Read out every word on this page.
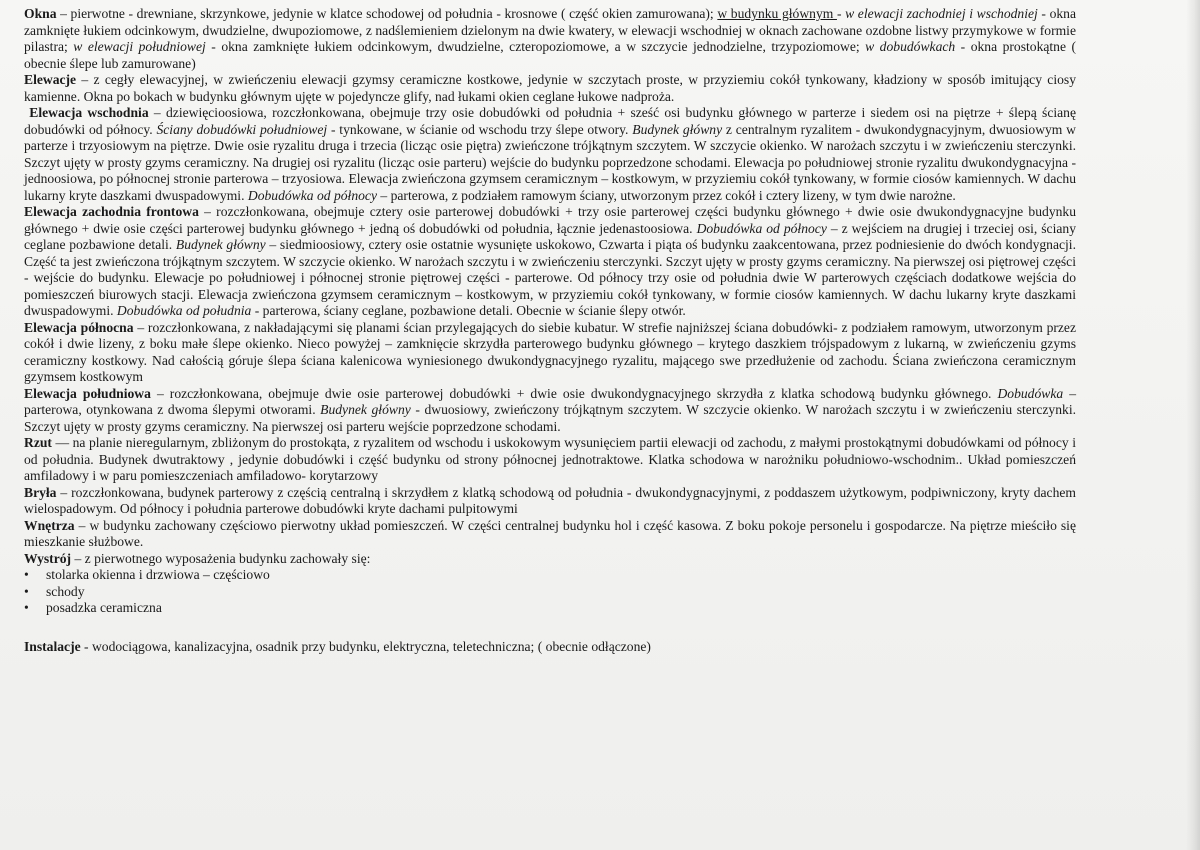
Okna – pierwotne - drewniane, skrzynkowe, jedynie w klatce schodowej od południa - krosnowe ( część okien zamurowana); w budynku głównym - w elewacji zachodniej i wschodniej - okna zamknięte łukiem odcinkowym, dwudzielne, dwupoziomowe, z nadślemieniem dzielonym na dwie kwatery, w elewacji wschodniej w oknach zachowane ozdobne listwy przymykowe w formie pilastra; w elewacji południowej - okna zamknięte łukiem odcinkowym, dwudzielne, czteropoziomowe, a w szczycie jednodzielne, trzypoziomowe; w dobudówkach - okna prostokątne ( obecnie ślepe lub zamurowane)

Elewacje – z cegły elewacyjnej, w zwieńczeniu elewacji gzymsy ceramiczne kostkowe, jedynie w szczytach proste, w przyziemiu cokół tynkowany, kładziony w sposób imitujący ciosy kamienne. Okna po bokach w budynku głównym ujęte w pojedyncze glify, nad łukami okien ceglane łukowe nadproża.

Elewacja wschodnia – dziewięcioosiowa, rozczłonkowana, obejmuje trzy osie dobudówki od południa + sześć osi budynku głównego w parterze i siedem osi na piętrze + ślepą ścianę dobudówki od północy. Ściany dobudówki południowej - tynkowane, w ścianie od wschodu trzy ślepe otwory. Budynek główny z centralnym ryzalitem - dwukondygnacyjnym, dwuosiowym w parterze i trzyosiowym na piętrze. Dwie osie ryzalitu druga i trzecia (licząc osie piętra) zwieńczone trójkątnym szczytem. W szczycie okienko. W narożach szczytu i w zwieńczeniu sterczynki. Szczyt ujęty w prosty gzyms ceramiczny. Na drugiej osi ryzalitu (licząc osie parteru) wejście do budynku poprzedzone schodami. Elewacja po południowej stronie ryzalitu dwukondygnacyjna - jednoosiowa, po północnej stronie parterowa – trzyosiowa. Elewacja zwieńczona gzymsem ceramicznym – kostkowym, w przyziemiu cokół tynkowany, w formie ciosów kamiennych. W dachu lukarny kryte daszkami dwuspadowymi. Dobudówka od północy – parterowa, z podziałem ramowym ściany, utworzonym przez cokół i cztery lizeny, w tym dwie narożne.

Elewacja zachodnia frontowa – rozczłonkowana, obejmuje cztery osie parterowej dobudówki + trzy osie parterowej części budynku głównego + dwie osie dwukondygnacyjne budynku głównego + dwie osie części parterowej budynku głównego + jedną oś dobudówki od południa, łącznie jedenastoosiowa. Dobudówka od północy – z wejściem na drugiej i trzeciej osi, ściany ceglane pozbawione detali. Budynek główny – siedmioosiowy, cztery osie ostatnie wysunięte uskokowo, Czwarta i piąta oś budynku zaakcentowana, przez podniesienie do dwóch kondygnacji. Część ta jest zwieńczona trójkątnym szczytem. W szczycie okienko. W narożach szczytu i w zwieńczeniu sterczynki. Szczyt ujęty w prosty gzyms ceramiczny. Na pierwszej osi piętrowej części - wejście do budynku. Elewacje po południowej i północnej stronie piętrowej części - parterowe. Od północy trzy osie od południa dwie W parterowych częściach dodatkowe wejścia do pomieszczeń biurowych stacji. Elewacja zwieńczona gzymsem ceramicznym – kostkowym, w przyziemiu cokół tynkowany, w formie ciosów kamiennych. W dachu lukarny kryte daszkami dwuspadowymi. Dobudówka od południa - parterowa, ściany ceglane, pozbawione detali. Obecnie w ścianie ślepy otwór.

Elewacja północna – rozczłonkowana, z nakładającymi się planami ścian przylegających do siebie kubatur. W strefie najniższej ściana dobudówki- z podziałem ramowym, utworzonym przez cokół i dwie lizeny, z boku małe ślepe okienko. Nieco powyżej – zamknięcie skrzydła parterowego budynku głównego – krytego daszkiem trójspadowym z lukarną, w zwieńczeniu gzyms ceramiczny kostkowy. Nad całością góruje ślepa ściana kalenicowa wyniesionego dwukondygnacyjnego ryzalitu, mającego swe przedłużenie od zachodu. Ściana zwieńczona ceramicznym gzymsem kostkowym

Elewacja południowa – rozczłonkowana, obejmuje dwie osie parterowej dobudówki + dwie osie dwukondygnacyjnego skrzydła z klatka schodową budynku głównego. Dobudówka – parterowa, otynkowana z dwoma ślepymi otworami. Budynek główny - dwuosiowy, zwieńczony trójkątnym szczytem. W szczycie okienko. W narożach szczytu i w zwieńczeniu sterczynki. Szczyt ujęty w prosty gzyms ceramiczny. Na pierwszej osi parteru wejście poprzedzone schodami.

Rzut — na planie nieregularnym, zbliżonym do prostokąta, z ryzalitem od wschodu i uskokowym wysunięciem partii elewacji od zachodu, z małymi prostokątnymi dobudówkami od północy i od południa. Budynek dwutraktowy , jedynie dobudówki i część budynku od strony północnej jednotraktowe. Klatka schodowa w narożniku południowo-wschodnim.. Układ pomieszczeń amfiladowy i w paru pomieszczeniach amfiladowo- korytarzowy

Bryła – rozczłonkowana, budynek parterowy z częścią centralną i skrzydłem z klatką schodową od południa - dwukondygnacyjnymi, z poddaszem użytkowym, podpiwniczony, kryty dachem wielospadowym. Od północy i południa parterowe dobudówki kryte dachami pulpitowymi

Wnętrza – w budynku zachowany częściowo pierwotny układ pomieszczeń. W części centralnej budynku hol i część kasowa. Z boku pokoje personelu i gospodarcze. Na piętrze mieściło się mieszkanie służbowe.

Wystrój – z pierwotnego wyposażenia budynku zachowały się:

• stolarka okienna i drzwiowa – częściowo
• schody
• posadzka ceramiczna

Instalacje - wodociągowa, kanalizacyjna, osadnik przy budynku, elektryczna, teletechniczna; ( obecnie odłączone)
